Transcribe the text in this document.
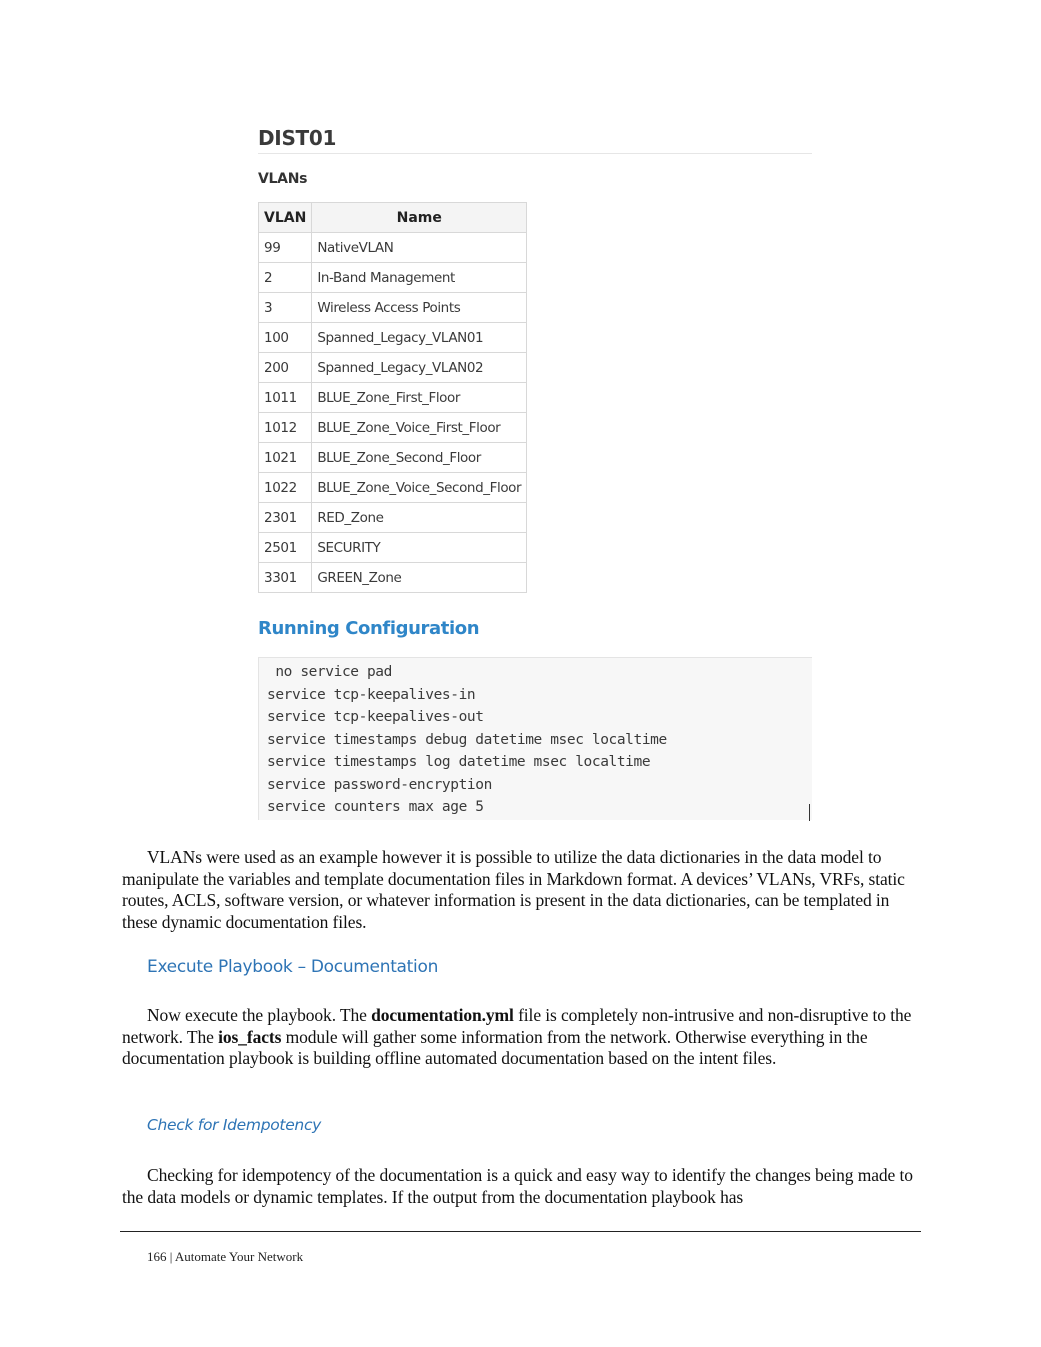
DIST01
VLANs
VLAN	Name
99	NativeVLAN
2	In-Band Management
3	Wireless Access Points
100	Spanned_Legacy_VLAN01
200	Spanned_Legacy_VLAN02
1011	BLUE_Zone_First_Floor
1012	BLUE_Zone_Voice_First_Floor
1021	BLUE_Zone_Second_Floor
1022	BLUE_Zone_Voice_Second_Floor
2301	RED_Zone
2501	SECURITY
3301	GREEN_Zone
Running Configuration
no service pad
service tcp-keepalives-in
service tcp-keepalives-out
service timestamps debug datetime msec localtime
service timestamps log datetime msec localtime
service password-encryption
service counters max age 5

VLANs were used as an example however it is possible to utilize the data dictionaries in the data model to manipulate the variables and template documentation files in Markdown format. A devices’ VLANs, VRFs, static routes, ACLS, software version, or whatever information is present in the data dictionaries, can be templated in these dynamic documentation files.

Execute Playbook – Documentation

Now execute the playbook. The documentation.yml file is completely non-intrusive and non-disruptive to the network. The ios_facts module will gather some information from the network. Otherwise everything in the documentation playbook is building offline automated documentation based on the intent files.

Check for Idempotency

Checking for idempotency of the documentation is a quick and easy way to identify the changes being made to the data models or dynamic templates. If the output from the documentation playbook has

166 | Automate Your Network
